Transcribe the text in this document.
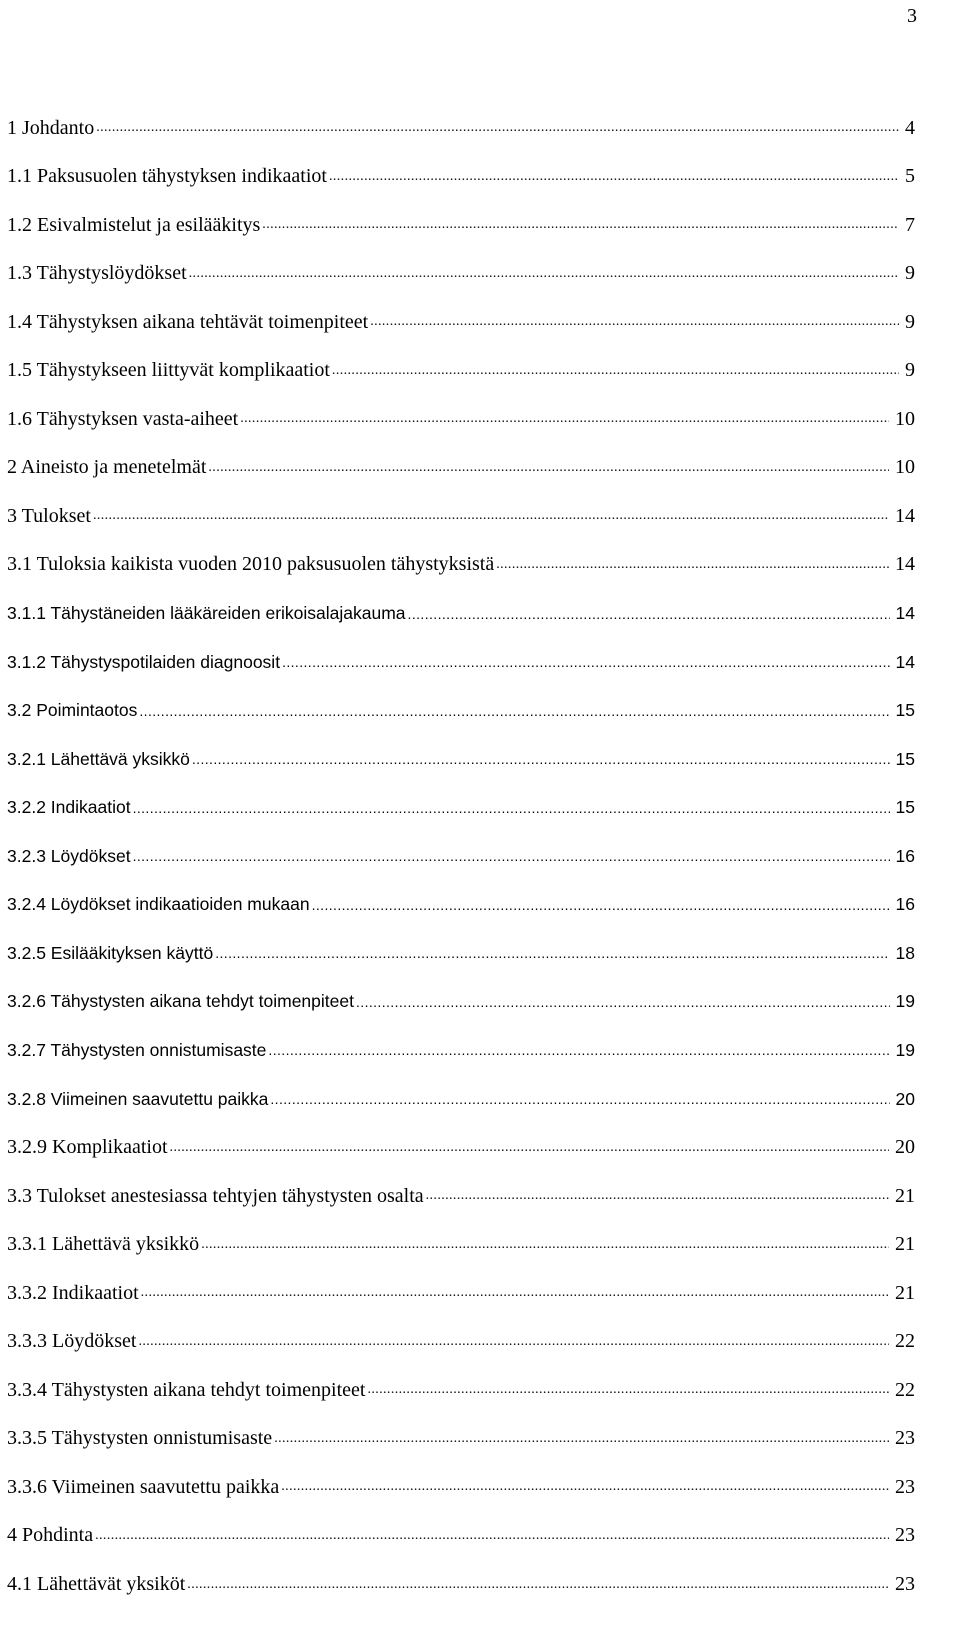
3
1 Johdanto .....	4
1.1 Paksusuolen tähystyksen indikaatiot .....	5
1.2 Esivalmistelut ja esilääkitys .....	7
1.3 Tähystyslöydökset .....	9
1.4 Tähystyksen aikana tehtävät toimenpiteet .....	9
1.5 Tähystykseen liittyvät komplikaatiot .....	9
1.6 Tähystyksen vasta-aiheet .....	10
2 Aineisto ja menetelmät .....	10
3 Tulokset .....	14
3.1 Tuloksia kaikista vuoden 2010 paksusuolen tähystyksistä .....	14
3.1.1 Tähystäneiden lääkäreiden erikoisalajakauma .....	14
3.1.2 Tähystyspotilaiden diagnoosit .....	14
3.2 Poimintaotos .....	15
3.2.1 Lähettävä yksikkö .....	15
3.2.2 Indikaatiot .....	15
3.2.3 Löydökset .....	16
3.2.4 Löydökset indikaatioiden mukaan .....	16
3.2.5 Esilääkityksen käyttö .....	18
3.2.6 Tähystysten aikana tehdyt toimenpiteet .....	19
3.2.7 Tähystysten onnistumisaste .....	19
3.2.8 Viimeinen saavutettu paikka .....	20
3.2.9 Komplikaatiot .....	20
3.3 Tulokset anestesiassa tehtyjen tähystysten osalta .....	21
3.3.1 Lähettävä yksikkö .....	21
3.3.2 Indikaatiot .....	21
3.3.3 Löydökset .....	22
3.3.4 Tähystysten aikana tehdyt toimenpiteet .....	22
3.3.5 Tähystysten onnistumisaste .....	23
3.3.6 Viimeinen saavutettu paikka .....	23
4 Pohdinta .....	23
4.1 Lähettävät yksiköt .....	23
